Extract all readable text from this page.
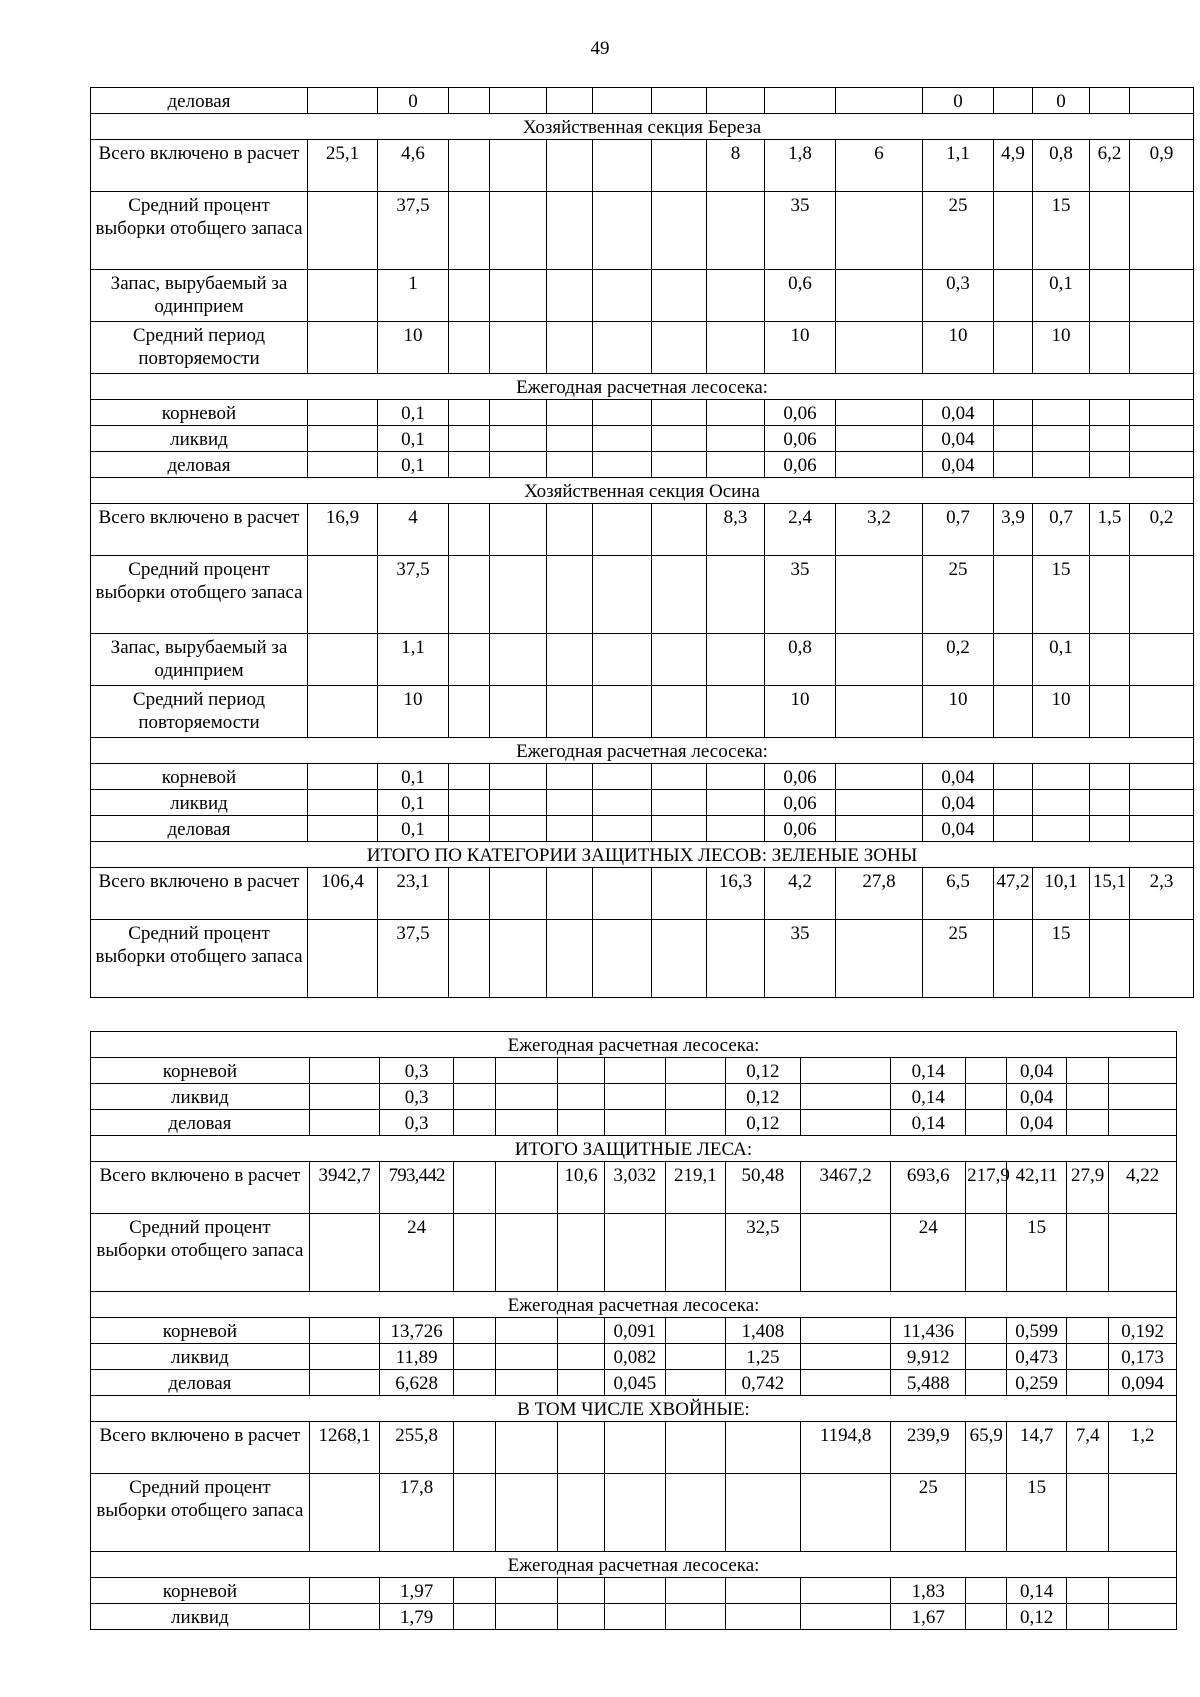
49
деловая		0									0		0		
Хозяйственная секция Береза															
Всего включено в расчет	25,1	4,6						8	1,8	6	1,1	4,9	0,8	6,2	0,9
Средний процент выборки отобщего запаса		37,5							35		25		15		
Запас, вырубаемый за одинприем		1							0,6		0,3		0,1		
Средний период повторяемости		10							10		10		10		
Ежегодная расчетная лесосека:															
корневой		0,1							0,06		0,04				
ликвид		0,1							0,06		0,04				
деловая		0,1							0,06		0,04				
Хозяйственная секция Осина															
Всего включено в расчет	16,9	4						8,3	2,4	3,2	0,7	3,9	0,7	1,5	0,2
Средний процент выборки отобщего запаса		37,5							35		25		15		
Запас, вырубаемый за одинприем		1,1							0,8		0,2		0,1		
Средний период повторяемости		10							10		10		10		
Ежегодная расчетная лесосека:															
корневой		0,1							0,06		0,04				
ликвид		0,1							0,06		0,04				
деловая		0,1							0,06		0,04				
ИТОГО ПО КАТЕГОРИИ ЗАЩИТНЫХ ЛЕСОВ: ЗЕЛЕНЫЕ ЗОНЫ															
Всего включено в расчет	106,4	23,1						16,3	4,2	27,8	6,5	47,2	10,1	15,1	2,3
Средний процент выборки отобщего запаса		37,5							35		25		15		
Ежегодная расчетная лесосека:														
корневой		0,3						0,12		0,14		0,04		
ликвид		0,3						0,12		0,14		0,04		
деловая		0,3						0,12		0,14		0,04		
ИТОГО ЗАЩИТНЫЕ ЛЕСА:														
Всего включено в расчет	3942,7	793,442			10,6	3,032	219,1	50,48	3467,2	693,6	217,9	42,11	27,9	4,22
Средний процент выборки отобщего запаса		24						32,5		24		15		
Ежегодная расчетная лесосека:														
корневой		13,726				0,091		1,408		11,436		0,599		0,192
ликвид		11,89				0,082		1,25		9,912		0,473		0,173
деловая		6,628				0,045		0,742		5,488		0,259		0,094
В ТОМ ЧИСЛЕ ХВОЙНЫЕ:														
Всего включено в расчет	1268,1	255,8							1194,8	239,9	65,9	14,7	7,4	1,2
Средний процент выборки отобщего запаса		17,8								25		15		
Ежегодная расчетная лесосека:														
корневой		1,97								1,83		0,14		
ликвид		1,79								1,67		0,12		
